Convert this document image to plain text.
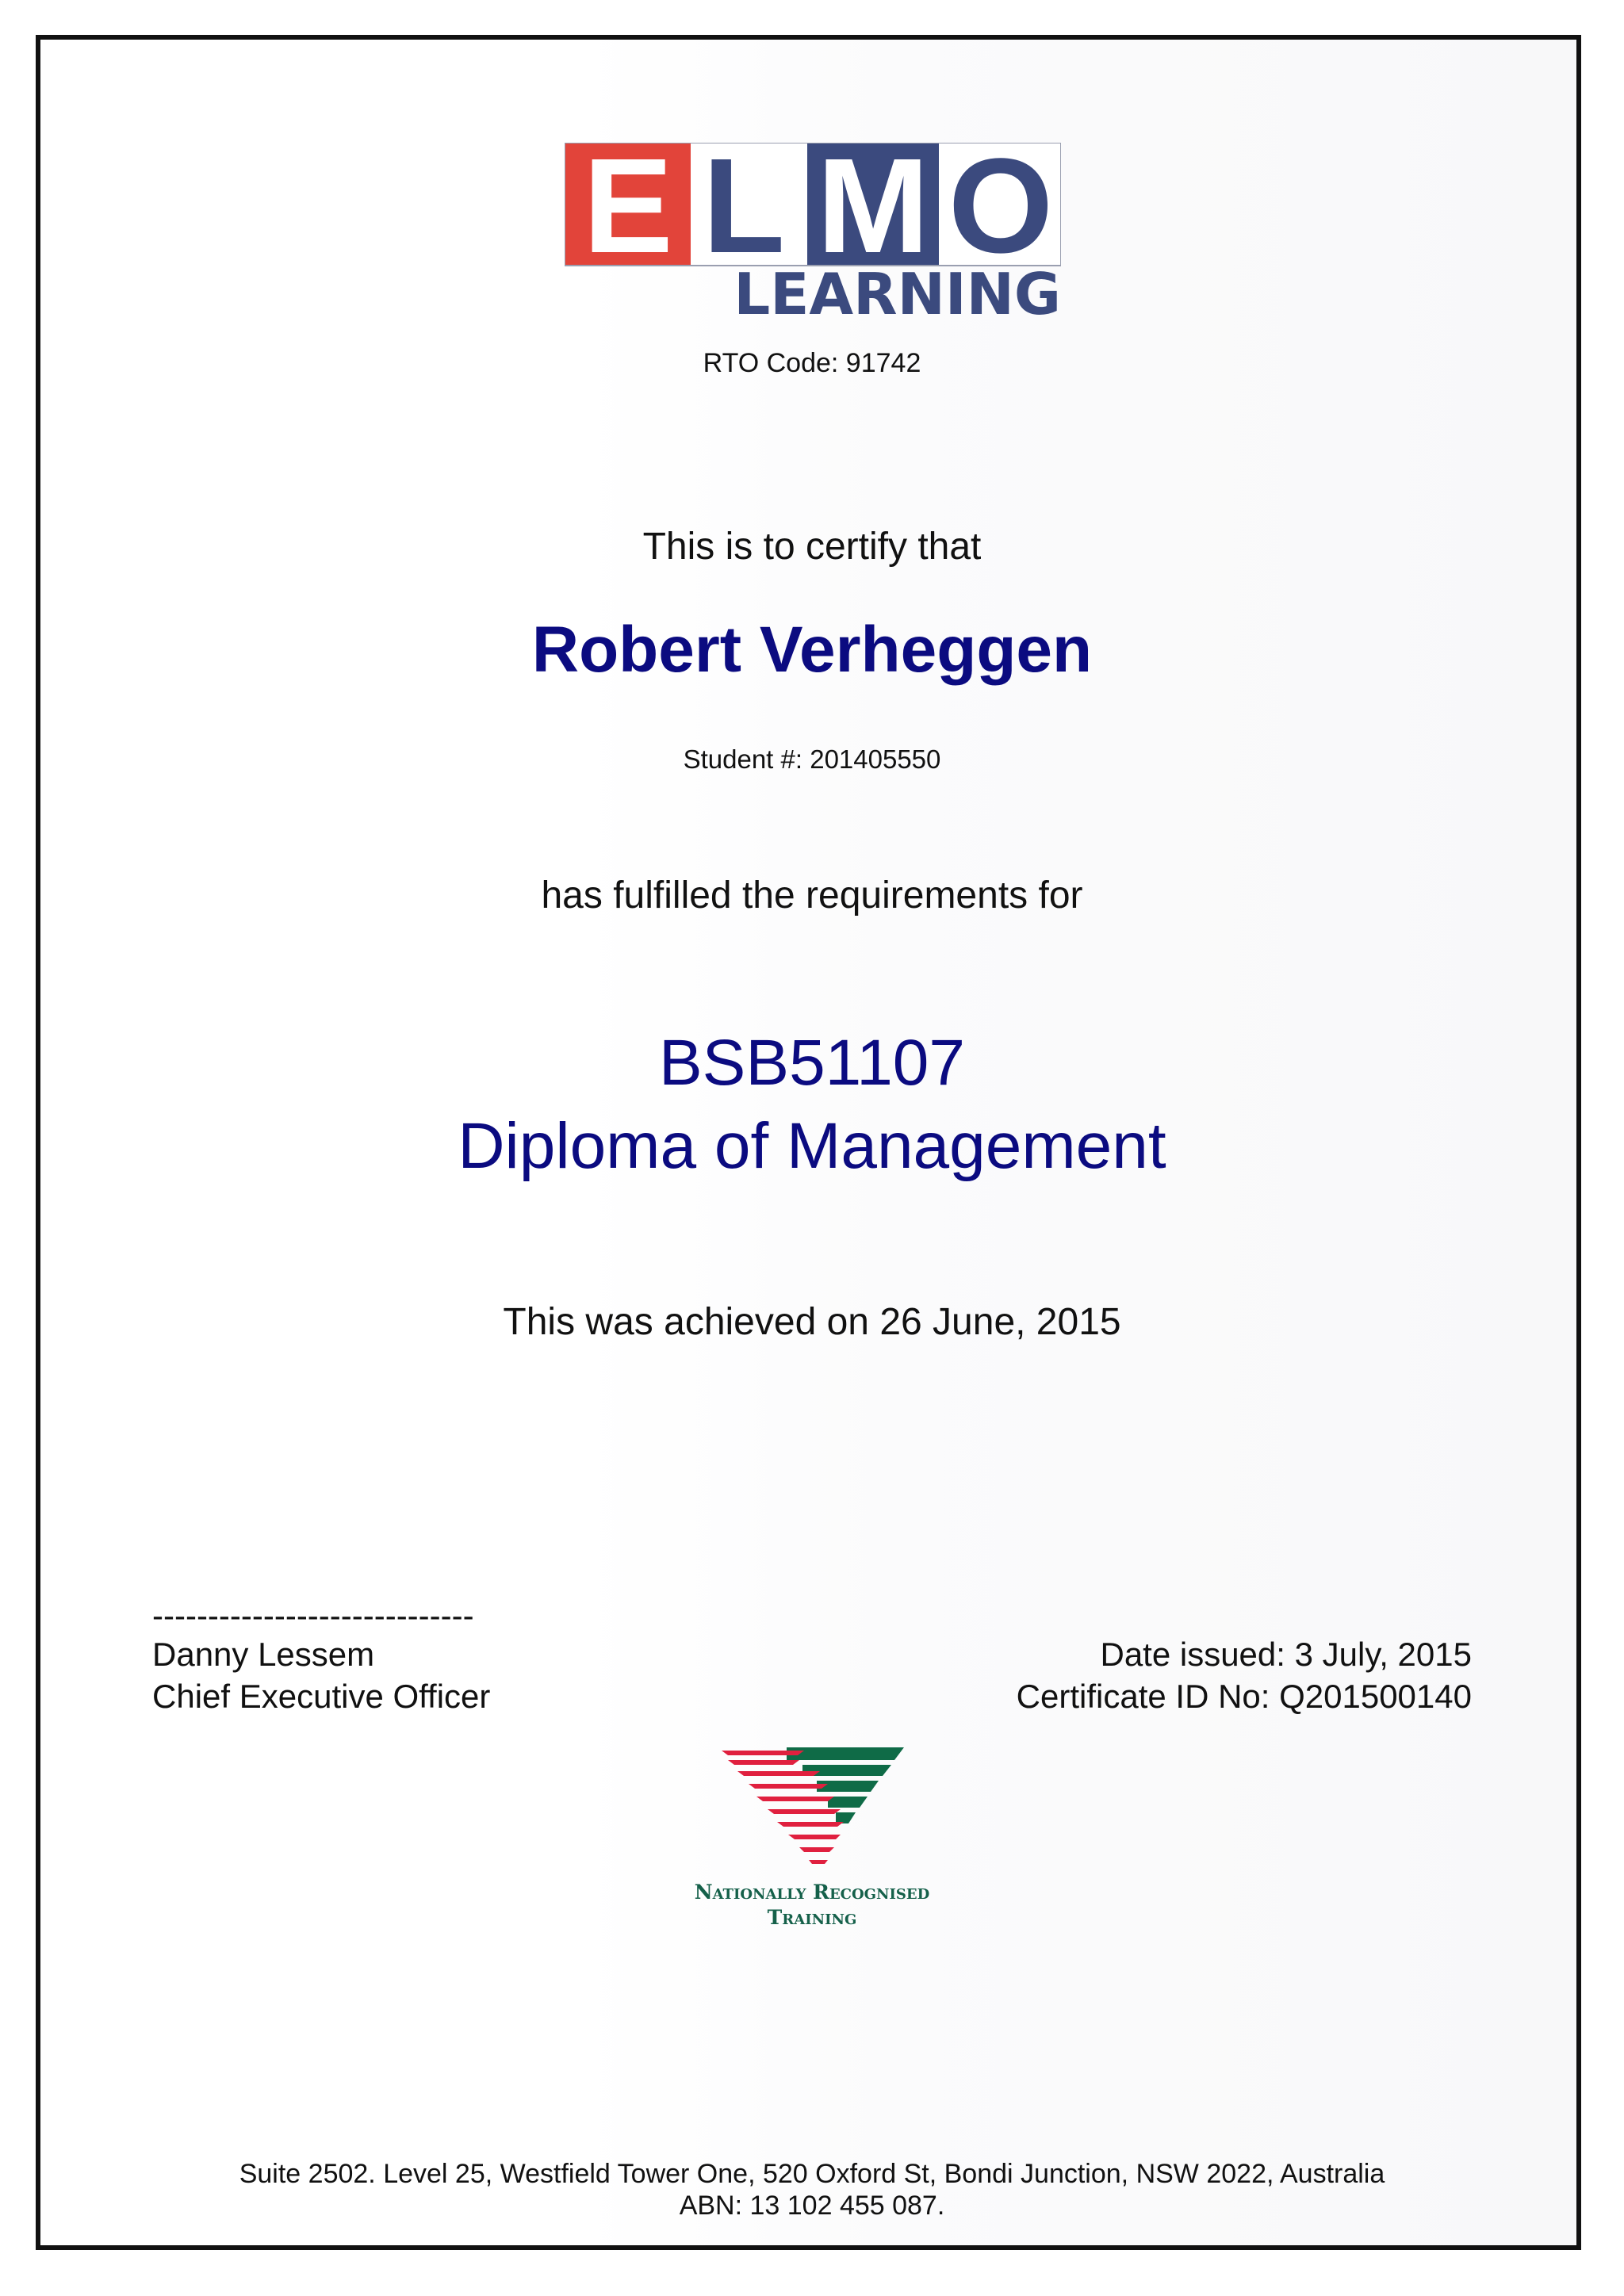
E L M O
LEARNING
RTO Code: 91742
This is to certify that
Robert Verheggen
Student #: 201405550
has fulfilled the requirements for
BSB51107
Diploma of Management
This was achieved on 26 June, 2015
-----------------------------
Danny Lessem
Chief Executive Officer
Date issued: 3 July, 2015
Certificate ID No: Q201500140
Nationally Recognised
Training
Suite 2502. Level 25, Westfield Tower One, 520 Oxford St, Bondi Junction, NSW 2022, Australia
ABN: 13 102 455 087.
